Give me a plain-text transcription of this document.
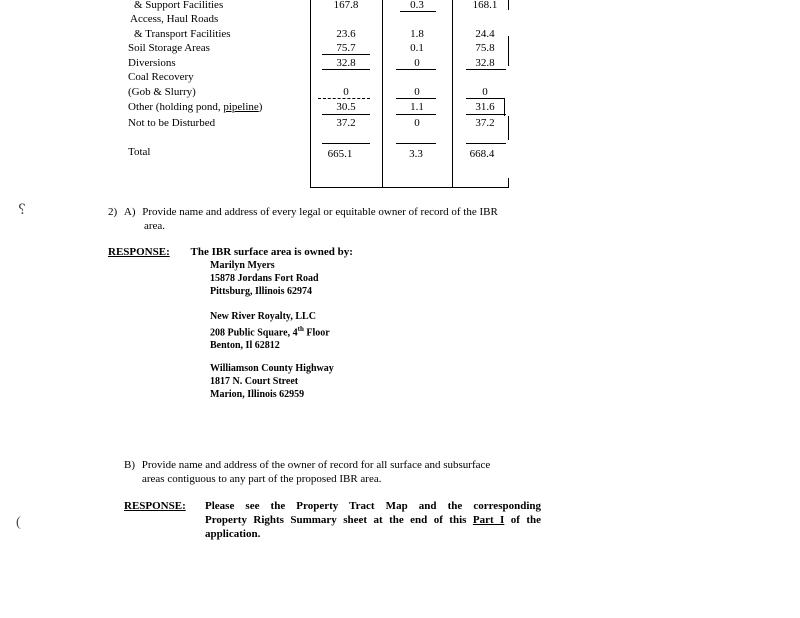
& Support Facilities	167.8	0.3	168.1
Access, Haul Roads
& Transport Facilities	23.6	1.8	24.4
Soil Storage Areas	75.7	0.1	75.8
Diversions	32.8	0	32.8
Coal Recovery
(Gob & Slurry)	0	0	0
Other (holding pond, pipeline)	30.5	1.1	31.6
Not to be Disturbed	37.2	0	37.2
Total	665.1	3.3	668.4
⸮
(
2) A) Provide name and address of every legal or equitable owner of record of the IBR
area.
RESPONSE: The IBR surface area is owned by:
Marilyn Myers
15878 Jordans Fort Road
Pittsburg, Illinois 62974
New River Royalty, LLC
208 Public Square, 4th Floor
Benton, Il 62812
Williamson County Highway
1817 N. Court Street
Marion, Illinois 62959
B) Provide name and address of the owner of record for all surface and subsurface
areas contiguous to any part of the proposed IBR area.
RESPONSE: Please see the Property Tract Map and the corresponding
Property Rights Summary sheet at the end of this Part I of the
application.
